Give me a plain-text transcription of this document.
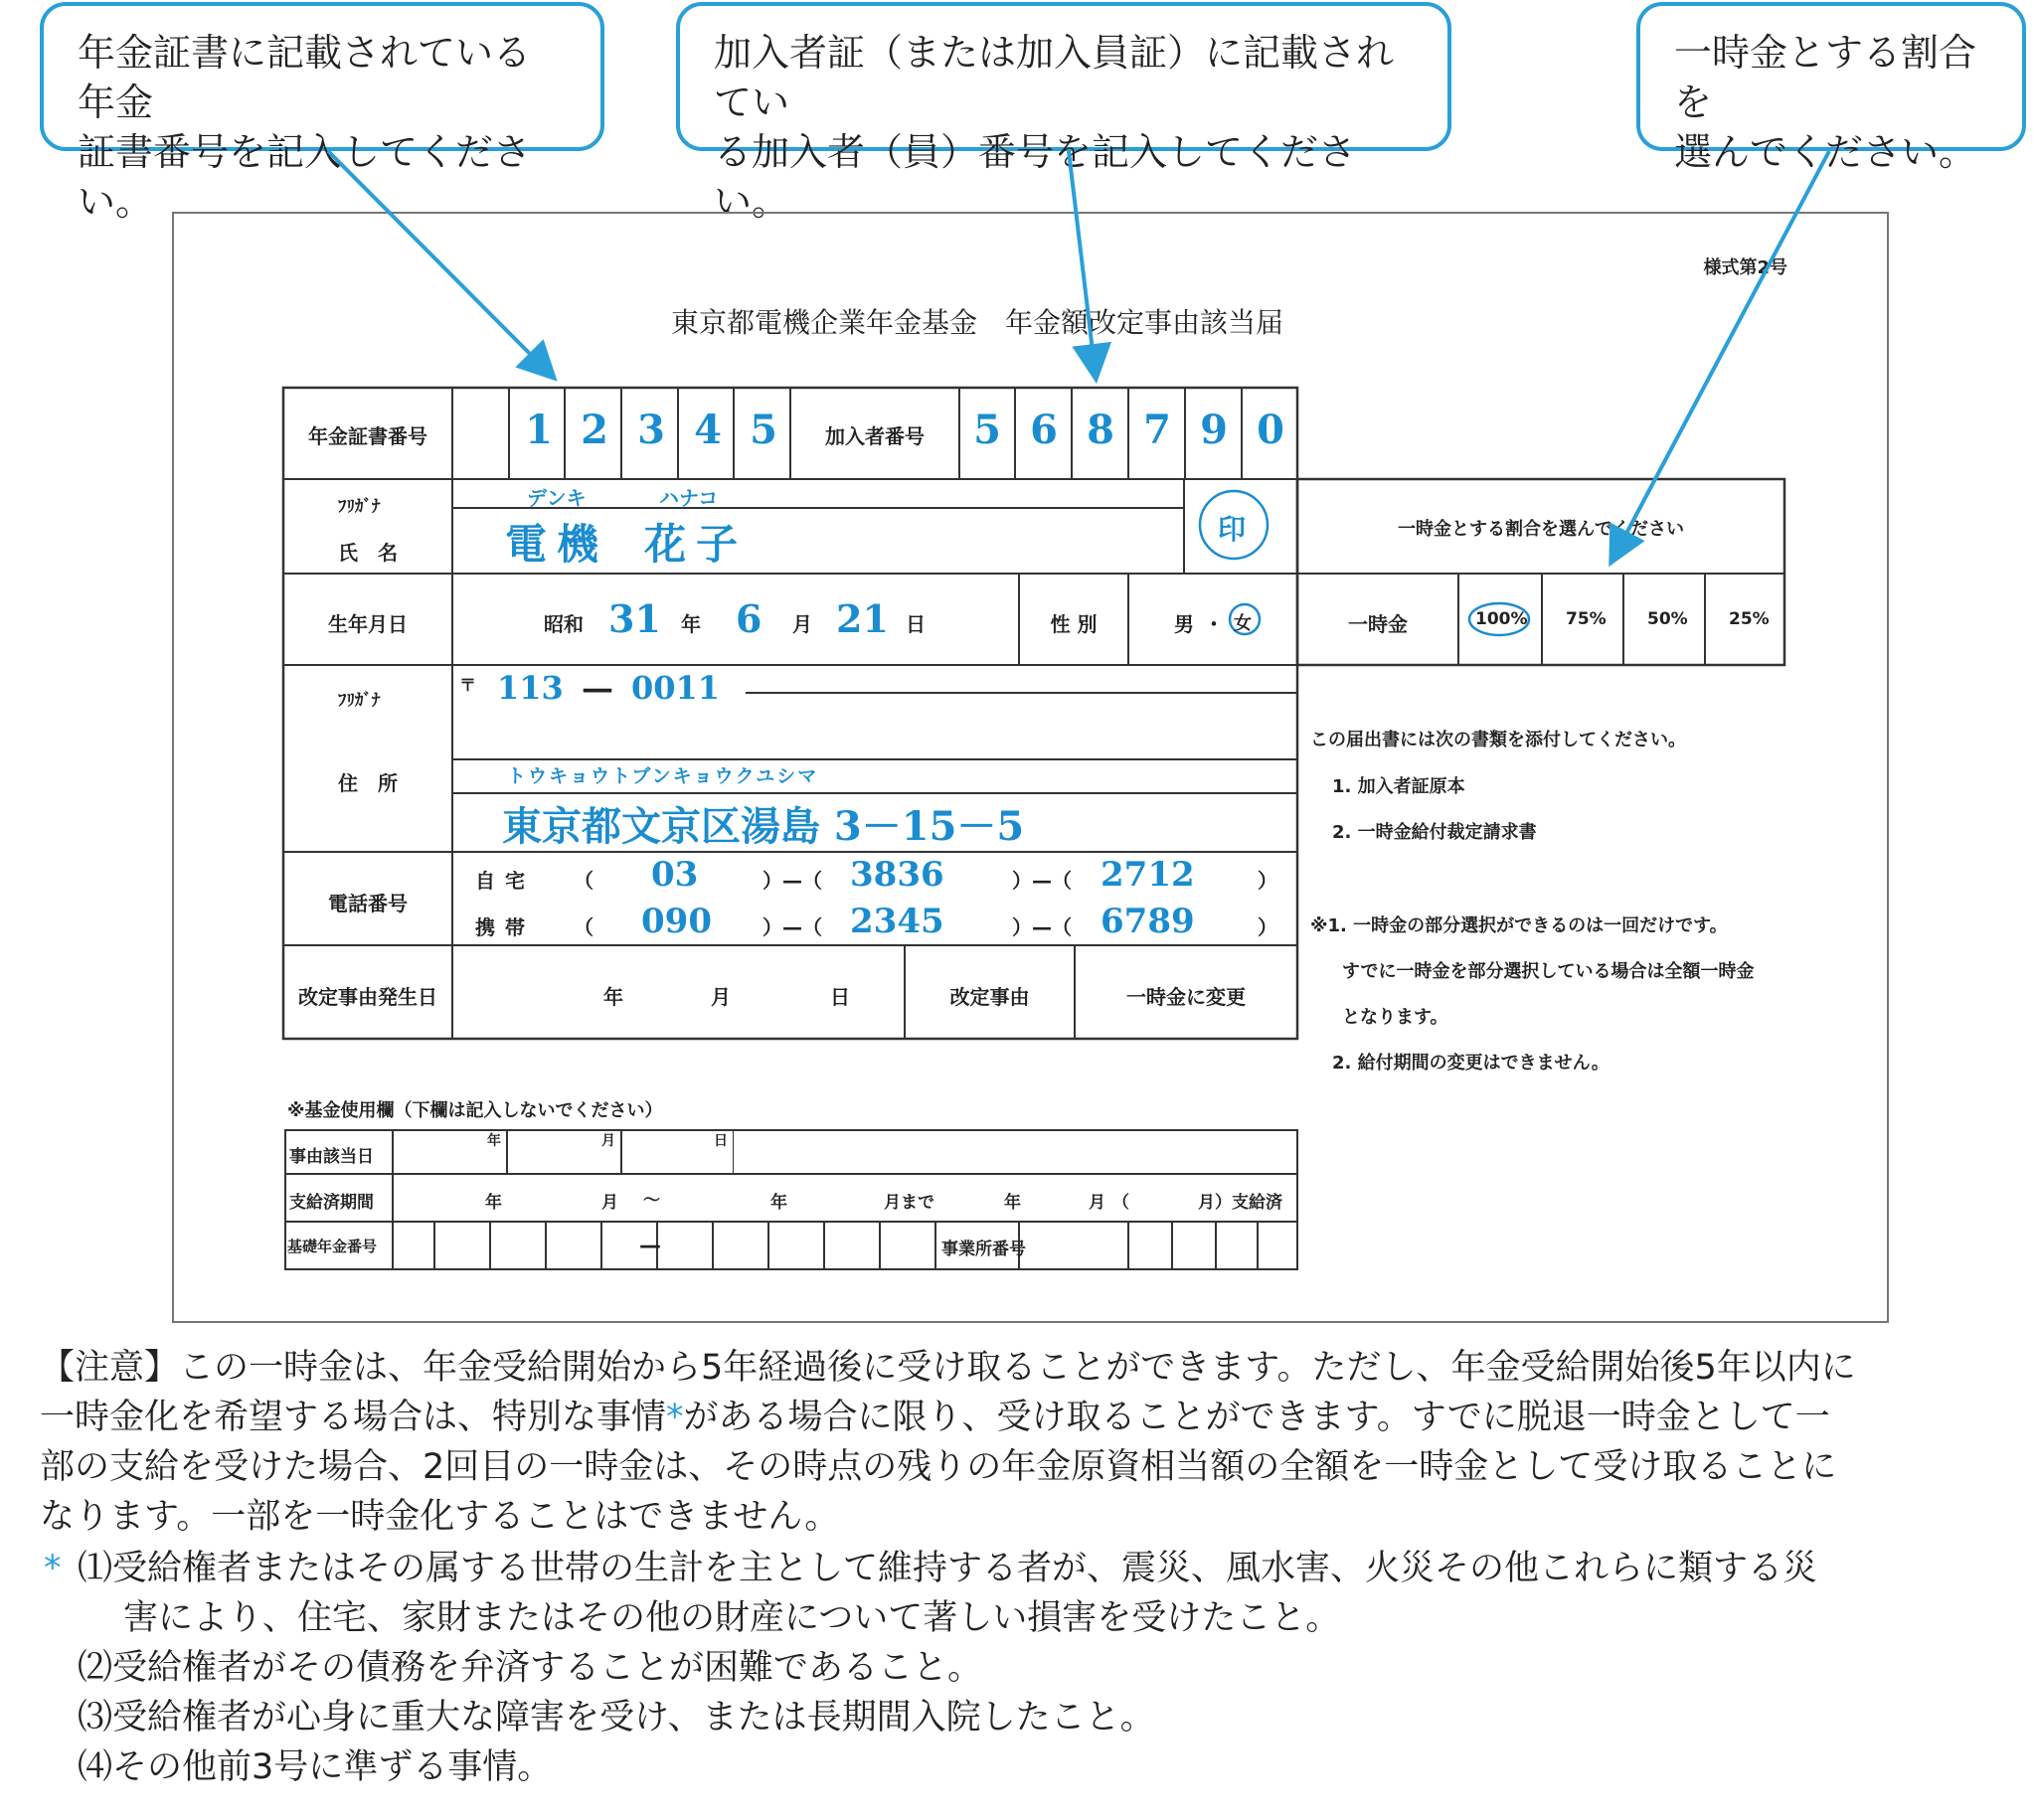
年金証書に記載されている年金
証書番号を記入してください。
加入者証（または加入員証）に記載されてい
る加入者（員）番号を記入してください。
一時金とする割合を
選んでください。
様式第2号
東京都電機企業年金基金　年金額改定事由該当届
年金証書番号	1 2 3 4 5	加入者番号	5 6 8 7 9 0
ﾌﾘｶﾞﾅ
氏　名
デンキ	ハナコ
電機 花子	印	一時金とする割合を選んでください
生年月日	昭和 31 年 6 月 21 日	性 別	男 ・ 女	一時金	100% 75% 50% 25%
ﾌﾘｶﾞﾅ
住　所
〒 113 — 0011
トウキョウトブンキョウクユシマ
東京都文京区湯島 3－15－5
電話番号
自宅 （ 03	）—（ 3836	）—（ 2712	）
携帯 （ 090	）—（ 2345	）—（ 6789	）
改定事由発生日	年	月	日	改定事由	一時金に変更
この届出書には次の書類を添付してください。
1. 加入者証原本
2. 一時金給付裁定請求書
※1. 一時金の部分選択ができるのは一回だけです。
すでに一時金を部分選択している場合は全額一時金
となります。
2. 給付期間の変更はできません。
※基金使用欄（下欄は記入しないでください）
事由該当日
年	月	日
支給済期間	年	月 ～	年	月まで	年	月 （	月）支給済
基礎年金番号	—	事業所番号
【注意】この一時金は、年金受給開始から5年経過後に受け取ることができます。ただし、年金受給開始後5年以内に
一時金化を希望する場合は、特別な事情*がある場合に限り、受け取ることができます。すでに脱退一時金として一
部の支給を受けた場合、2回目の一時金は、その時点の残りの年金原資相当額の全額を一時金として受け取ることに
なります。一部を一時金化することはできません。
* ⑴受給権者またはその属する世帯の生計を主として維持する者が、震災、風水害、火災その他これらに類する災
害により、住宅、家財またはその他の財産について著しい損害を受けたこと。
⑵受給権者がその債務を弁済することが困難であること。
⑶受給権者が心身に重大な障害を受け、または長期間入院したこと。
⑷その他前3号に準ずる事情。
